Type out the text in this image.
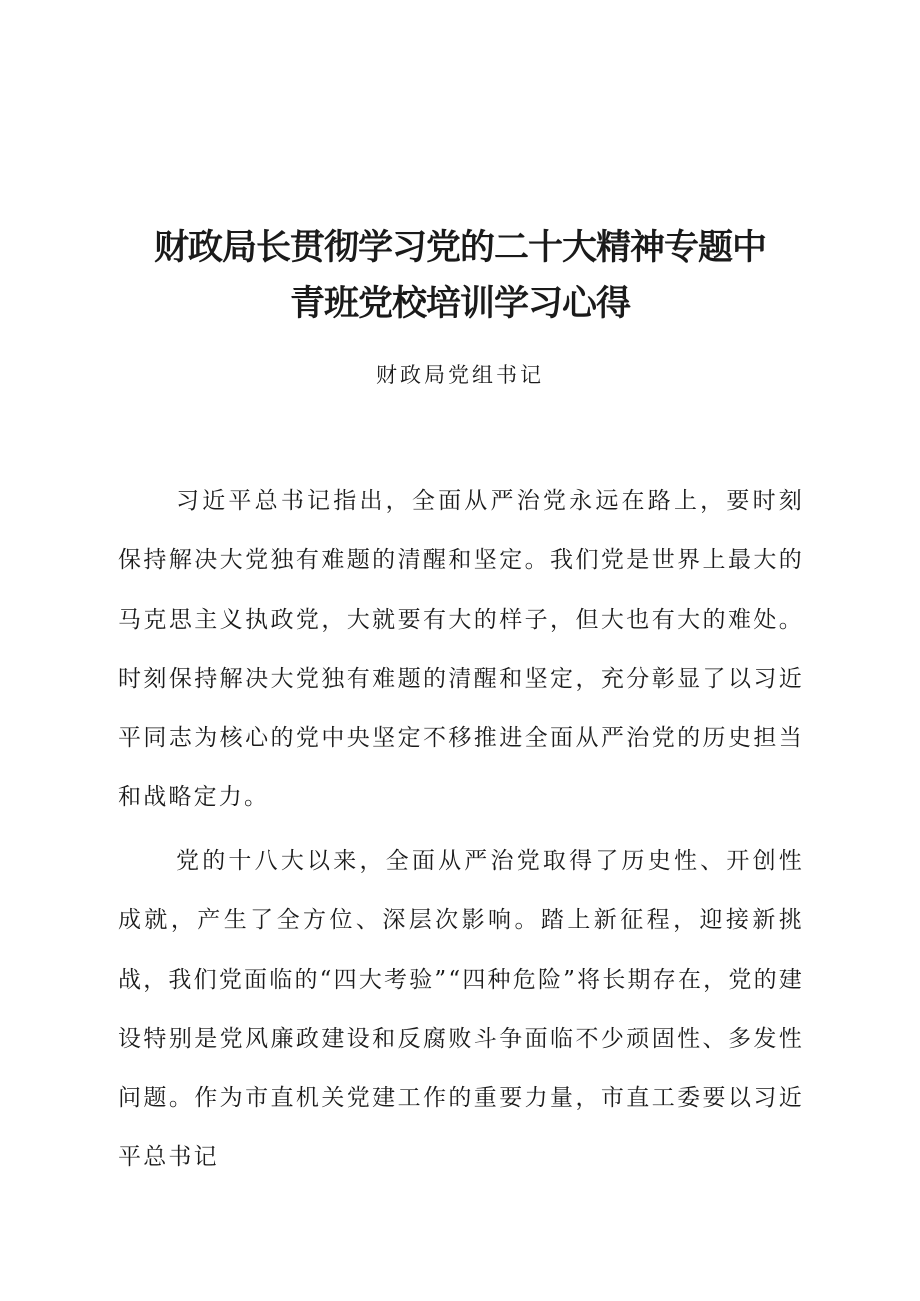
财政局长贯彻学习党的二十大精神专题中
青班党校培训学习心得
财政局党组书记

习近平总书记指出，全面从严治党永远在路上，要时刻保持解决大党独有难题的清醒和坚定。我们党是世界上最大的马克思主义执政党，大就要有大的样子，但大也有大的难处。时刻保持解决大党独有难题的清醒和坚定，充分彰显了以习近平同志为核心的党中央坚定不移推进全面从严治党的历史担当和战略定力。

党的十八大以来，全面从严治党取得了历史性、开创性成就，产生了全方位、深层次影响。踏上新征程，迎接新挑战，我们党面临的“四大考验”“四种危险”将长期存在，党的建设特别是党风廉政建设和反腐败斗争面临不少顽固性、多发性问题。作为市直机关党建工作的重要力量，市直工委要以习近平总书记
